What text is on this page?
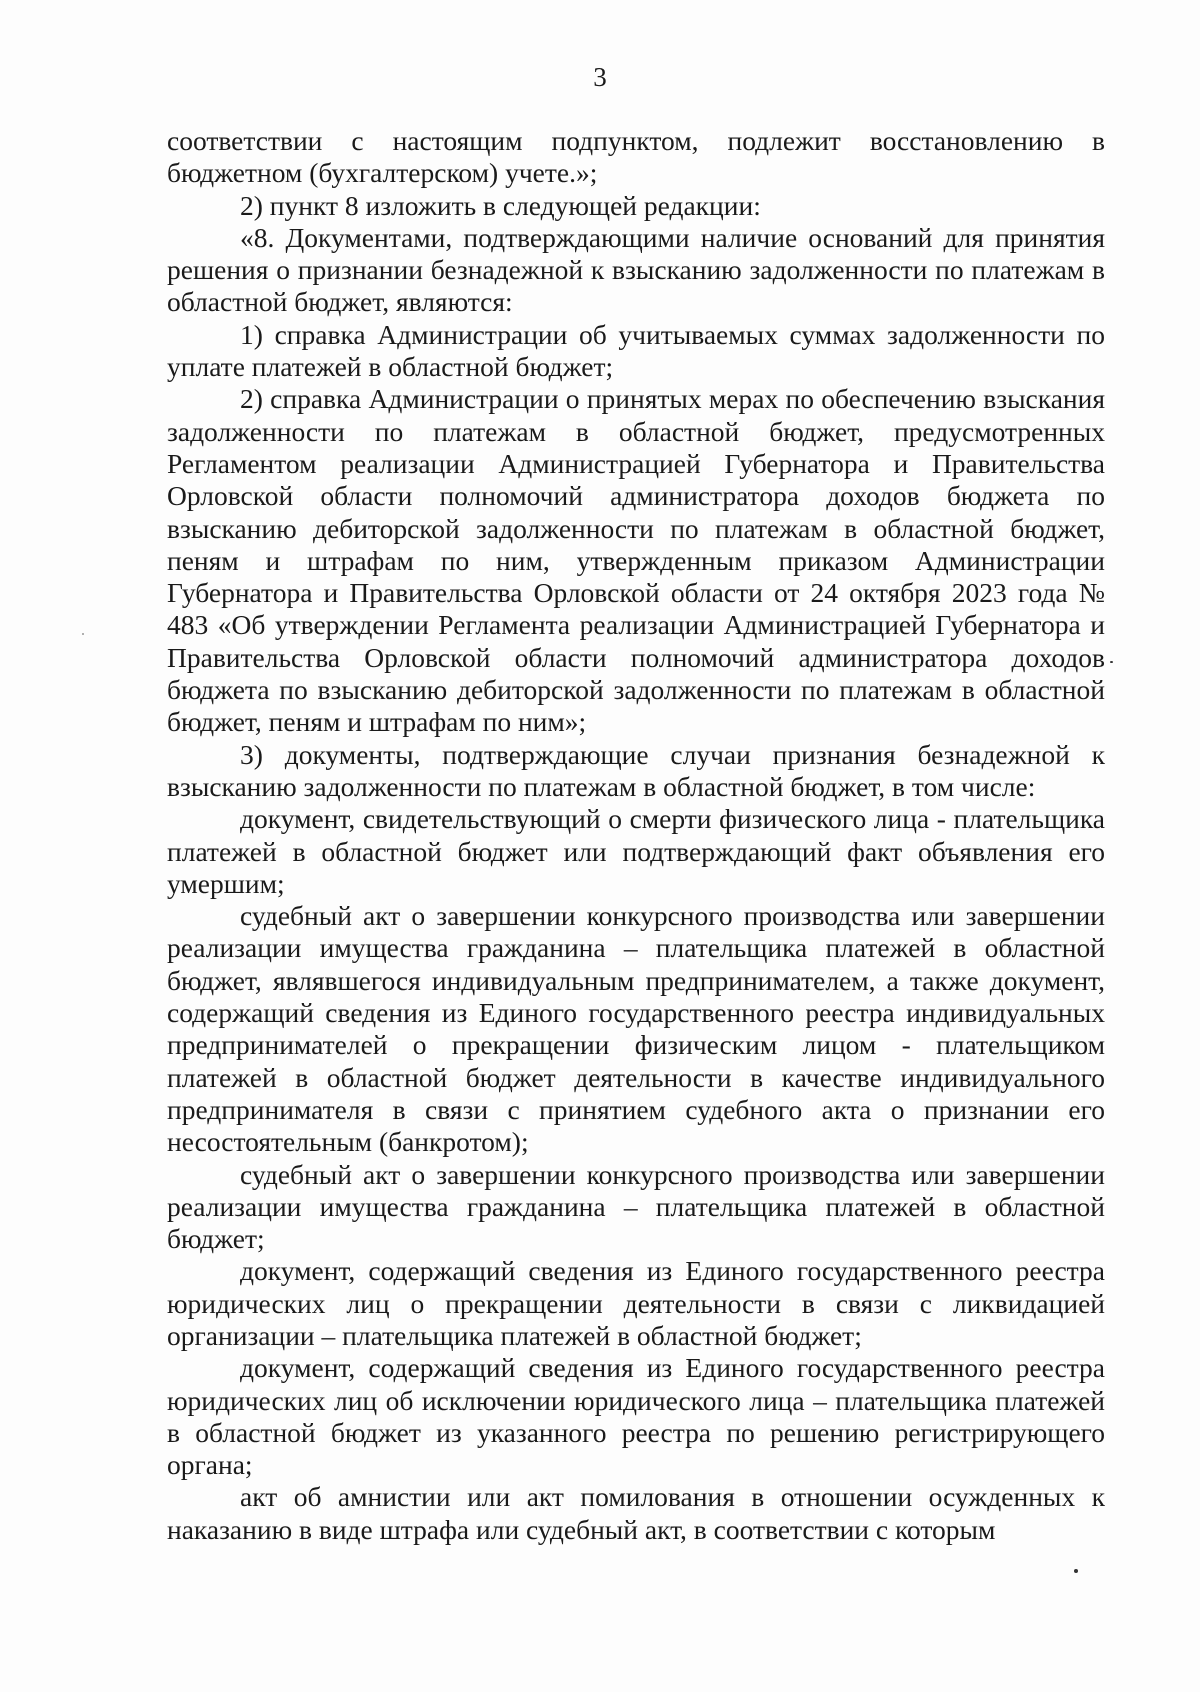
3

соответствии с настоящим подпунктом, подлежит восстановлению в бюджетном (бухгалтерском) учете.»;

2) пункт 8 изложить в следующей редакции:

«8. Документами, подтверждающими наличие оснований для принятия решения о признании безнадежной к взысканию задолженности по платежам в областной бюджет, являются:

1) справка Администрации об учитываемых суммах задолженности по уплате платежей в областной бюджет;

2) справка Администрации о принятых мерах по обеспечению взыскания задолженности по платежам в областной бюджет, предусмотренных Регламентом реализации Администрацией Губернатора и Правительства Орловской области полномочий администратора доходов бюджета по взысканию дебиторской задолженности по платежам в областной бюджет, пеням и штрафам по ним, утвержденным приказом Администрации Губернатора и Правительства Орловской области от 24 октября 2023 года № 483 «Об утверждении Регламента реализации Администрацией Губернатора и Правительства Орловской области полномочий администратора доходов бюджета по взысканию дебиторской задолженности по платежам в областной бюджет, пеням и штрафам по ним»;

3) документы, подтверждающие случаи признания безнадежной к взысканию задолженности по платежам в областной бюджет, в том числе:

документ, свидетельствующий о смерти физического лица - плательщика платежей в областной бюджет или подтверждающий факт объявления его умершим;

судебный акт о завершении конкурсного производства или завершении реализации имущества гражданина – плательщика платежей в областной бюджет, являвшегося индивидуальным предпринимателем, а также документ, содержащий сведения из Единого государственного реестра индивидуальных предпринимателей о прекращении физическим лицом - плательщиком платежей в областной бюджет деятельности в качестве индивидуального предпринимателя в связи с принятием судебного акта о признании его несостоятельным (банкротом);

судебный акт о завершении конкурсного производства или завершении реализации имущества гражданина – плательщика платежей в областной бюджет;

документ, содержащий сведения из Единого государственного реестра юридических лиц о прекращении деятельности в связи с ликвидацией организации – плательщика платежей в областной бюджет;

документ, содержащий сведения из Единого государственного реестра юридических лиц об исключении юридического лица – плательщика платежей в областной бюджет из указанного реестра по решению регистрирующего органа;

акт об амнистии или акт помилования в отношении осужденных к наказанию в виде штрафа или судебный акт, в соответствии с которым
